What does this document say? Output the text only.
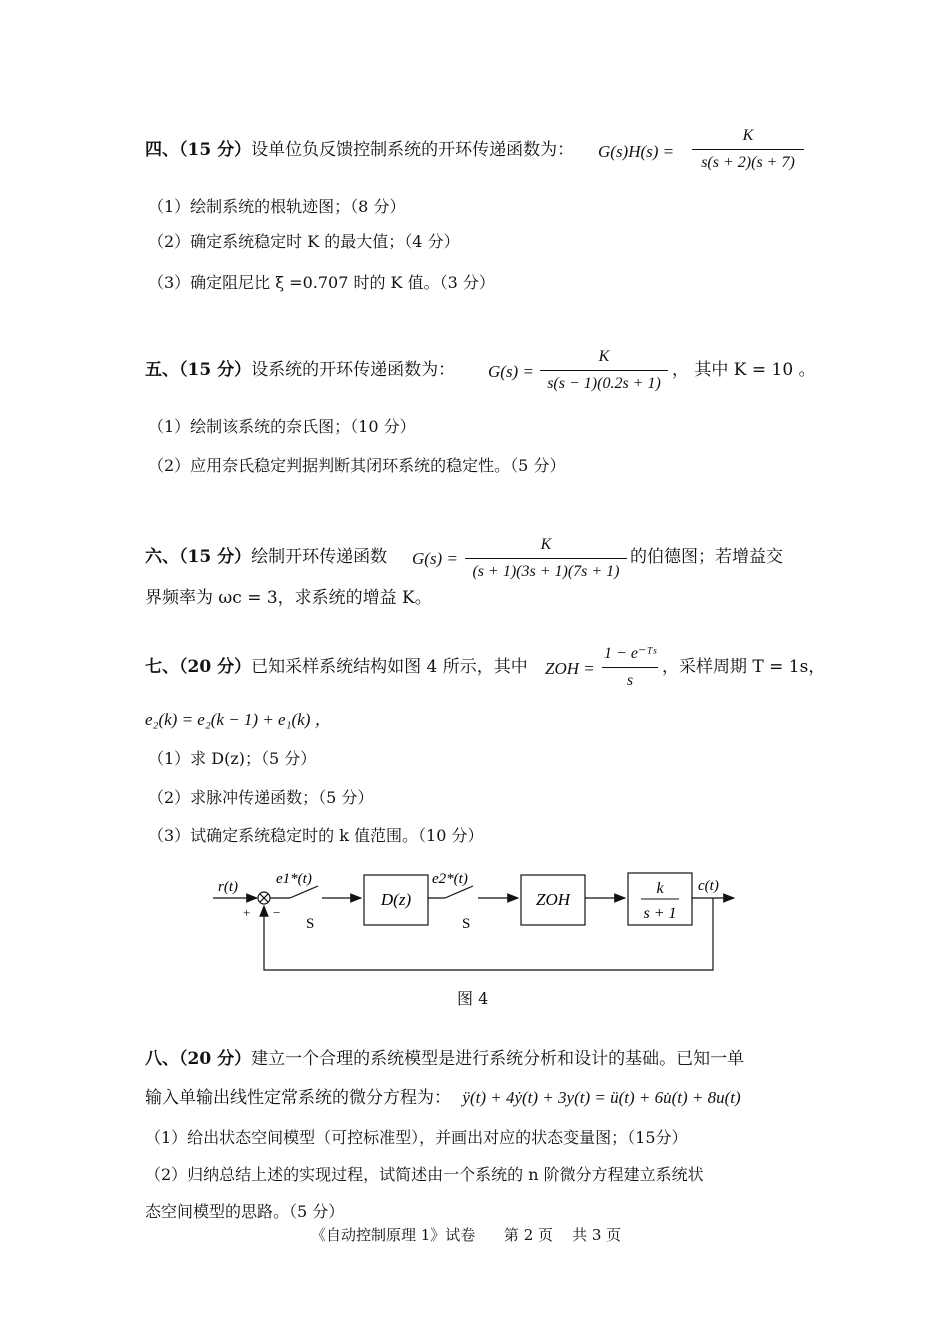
四、（15 分）设单位负反馈控制系统的开环传递函数为： G(s)H(s) =
K
s(s + 2)(s + 7)
（1）绘制系统的根轨迹图；（8 分）
（2）确定系统稳定时 K 的最大值；（4 分）
（3）确定阻尼比 ξ =0.707 时的 K 值。（3 分）
五、（15 分）设系统的开环传递函数为： G(s) =
K
s(s − 1)(0.2s + 1)
， 其中 K = 10 。
（1）绘制该系统的奈氏图；（10 分）
（2）应用奈氏稳定判据判断其闭环系统的稳定性。（5 分）
六、（15 分）绘制开环传递函数 G(s) =
K
(s + 1)(3s + 1)(7s + 1)
的伯德图；若增益交
界频率为 ωc = 3，求系统的增益 K。
七、（20 分）已知采样系统结构如图 4 所示，其中 ZOH =
1 − e⁻ᵀˢ
s
，采样周期 T = 1s，
e₂(k) = e₂(k − 1) + e₁(k) ，
（1）求 D(z)；（5 分）
（2）求脉冲传递函数；（5 分）
（3）试确定系统稳定时的 k 值范围。（10 分）
r(t)
+ −
e1*(t)
S
D(z)
e2*(t)
S
ZOH
k
s + 1
c(t)
图 4
八、（20 分）建立一个合理的系统模型是进行系统分析和设计的基础。已知一单
输入单输出线性定常系统的微分方程为： ÿ(t) + 4ẏ(t) + 3y(t) = ü(t) + 6u̇(t) + 8u(t)
（1）给出状态空间模型（可控标准型），并画出对应的状态变量图；（15分）
（2）归纳总结上述的实现过程，试简述由一个系统的 n 阶微分方程建立系统状
态空间模型的思路。（5 分）
《自动控制原理 1》试卷      第 2 页    共 3 页
